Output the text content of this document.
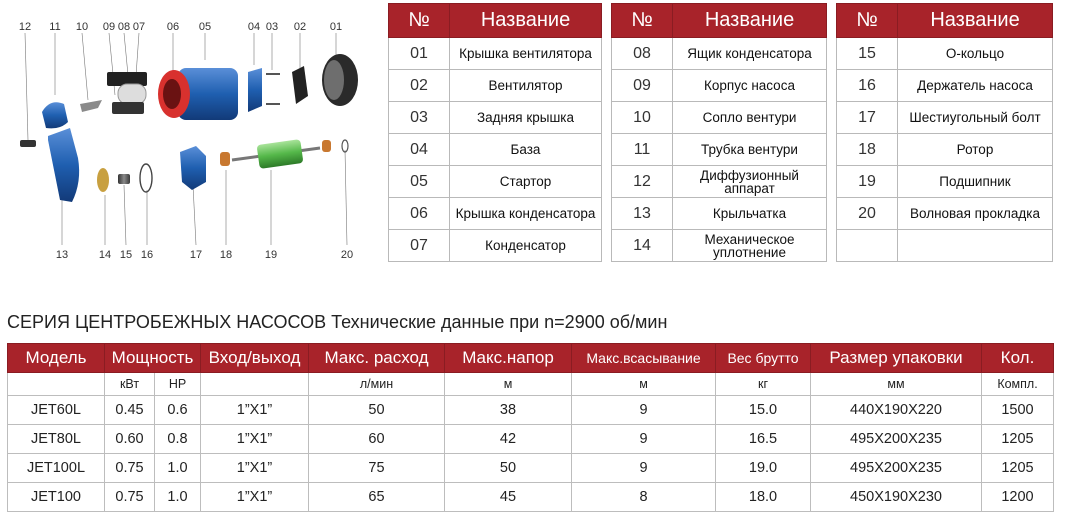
12 11 10 09 08 07 06 05	04 03 02 01
13	14 15 16	17 18	19	20
№	Название
01	Крышка вентилятора
02	Вентилятор
03	Задняя крышка
04	База
05	Стартор
06	Крышка конденсатора
07	Конденсатор
№	Название
08	Ящик конденсатора
09	Корпус насоса
10	Сопло вентури
11	Трубка вентури
12	Диффузионный аппарат
13	Крыльчатка
14	Механическое уплотнение
№	Название
15	О-кольцо
16	Держатель насоса
17	Шестиугольный болт
18	Ротор
19	Подшипник
20	Волновая прокладка

СЕРИЯ ЦЕНТРОБЕЖНЫХ НАСОСОВ Технические данные при n=2900 об/мин
Модель	Мощность		Вход/выход	Макс. расход	Макс.напор	Макс.всасывание	Вес брутто	Размер упаковки	Кол.
	кВт	HP		л/мин	м	м	кг	мм	Компл.
JET60L	0.45	0.6	1”X1”	50	38	9	15.0	440X190X220	1500
JET80L	0.60	0.8	1”X1”	60	42	9	16.5	495X200X235	1205
JET100L	0.75	1.0	1”X1”	75	50	9	19.0	495X200X235	1205
JET100	0.75	1.0	1”X1”	65	45	8	18.0	450X190X230	1200
